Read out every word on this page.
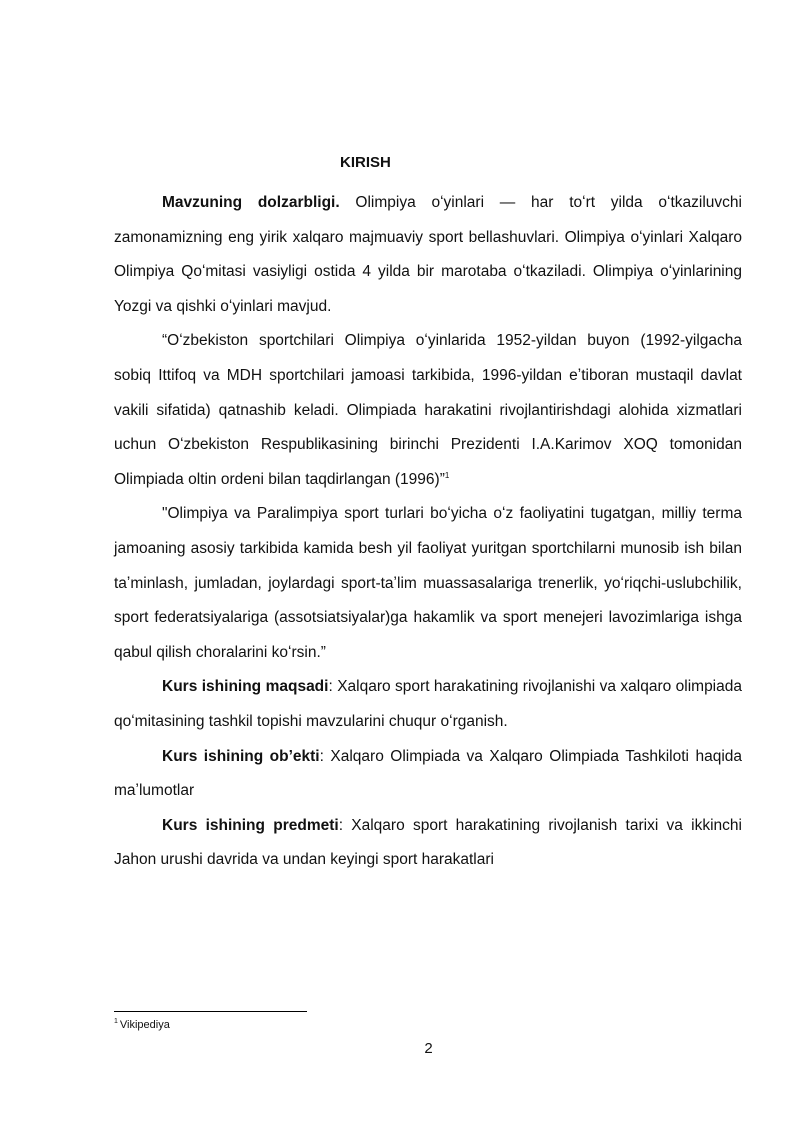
KIRISH

Mavzuning dolzarbligi. Olimpiya oʻyinlari — har toʻrt yilda oʻtkaziluvchi zamonamizning eng yirik xalqaro majmuaviy sport bellashuvlari. Olimpiya oʻyinlari Xalqaro Olimpiya Qoʻmitasi vasiyligi ostida 4 yilda bir marotaba oʻtkaziladi. Olimpiya oʻyinlarining Yozgi va qishki oʻyinlari mavjud.

“Oʻzbekiston sportchilari Olimpiya oʻyinlarida 1952-yildan buyon (1992-yilgacha sobiq Ittifoq va MDH sportchilari jamoasi tarkibida, 1996-yildan eʼtiboran mustaqil davlat vakili sifatida) qatnashib keladi. Olimpiada harakatini rivojlantirishdagi alohida xizmatlari uchun Oʻzbekiston Respublikasining birinchi Prezidenti I.A.Karimov XOQ tomonidan Olimpiada oltin ordeni bilan taqdirlangan (1996)”$^1$

"Olimpiya va Paralimpiya sport turlari boʻyicha oʻz faoliyatini tugatgan, milliy terma jamoaning asosiy tarkibida kamida besh yil faoliyat yuritgan sportchilarni munosib ish bilan taʼminlash, jumladan, joylardagi sport-taʼlim muassasalariga trenerlik, yoʻriqchi-uslubchilik, sport federatsiyalariga (assotsiatsiyalar)ga hakamlik va sport menejeri lavozimlariga ishga qabul qilish choralarini koʻrsin.”

Kurs ishining maqsadi: Xalqaro sport harakatining rivojlanishi va xalqaro olimpiada qoʻmitasining tashkil topishi mavzularini chuqur oʻrganish.

Kurs ishining obʼekti: Xalqaro Olimpiada va Xalqaro Olimpiada Tashkiloti haqida maʼlumotlar

Kurs ishining predmeti: Xalqaro sport harakatining rivojlanish tarixi va ikkinchi Jahon urushi davrida va undan keyingi sport harakatlari

$^1$ Vikipediya
2
